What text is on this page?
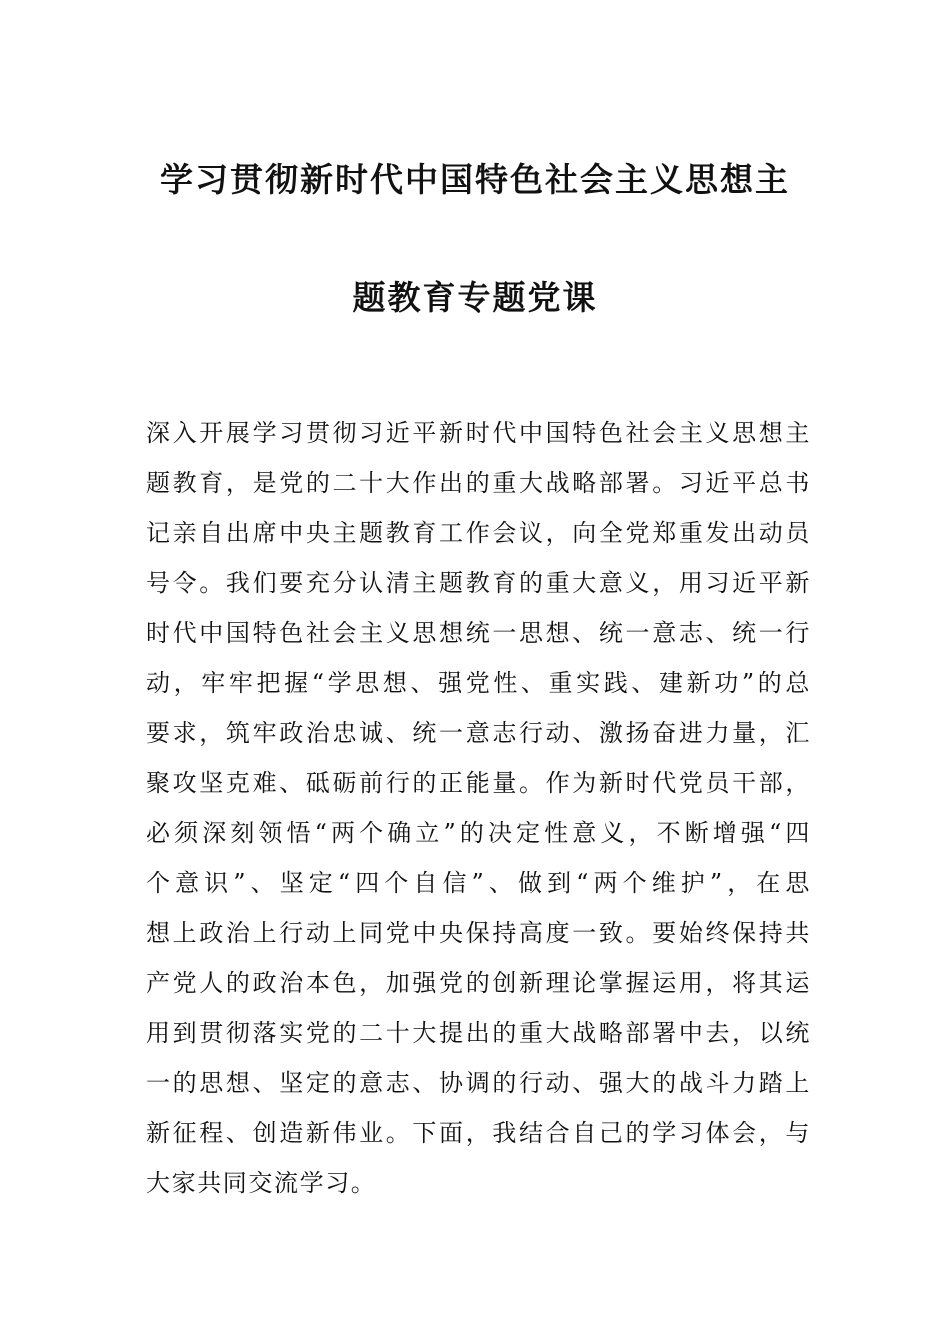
学习贯彻新时代中国特色社会主义思想主
题教育专题党课
深入开展学习贯彻习近平新时代中国特色社会主义思想主
题教育，是党的二十大作出的重大战略部署。习近平总书
记亲自出席中央主题教育工作会议，向全党郑重发出动员
号令。我们要充分认清主题教育的重大意义，用习近平新
时代中国特色社会主义思想统一思想、统一意志、统一行
动，牢牢把握“学思想、强党性、重实践、建新功”的总
要求，筑牢政治忠诚、统一意志行动、激扬奋进力量，汇
聚攻坚克难、砥砺前行的正能量。作为新时代党员干部，
必须深刻领悟“两个确立”的决定性意义，不断增强“四
个意识”、坚定“四个自信”、做到“两个维护”，在思
想上政治上行动上同党中央保持高度一致。要始终保持共
产党人的政治本色，加强党的创新理论掌握运用，将其运
用到贯彻落实党的二十大提出的重大战略部署中去，以统
一的思想、坚定的意志、协调的行动、强大的战斗力踏上
新征程、创造新伟业。下面，我结合自己的学习体会，与
大家共同交流学习。
